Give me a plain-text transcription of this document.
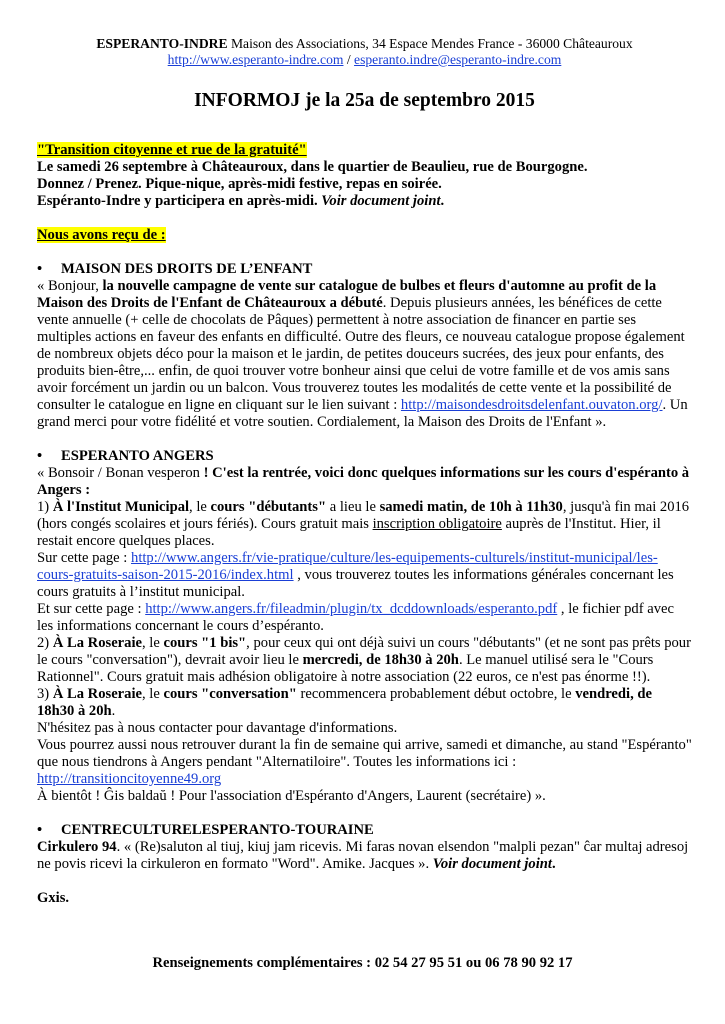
ESPERANTO-INDRE Maison des Associations, 34 Espace Mendes France - 36000 Châteauroux
http://www.esperanto-indre.com / esperanto.indre@esperanto-indre.com
INFORMOJ je la 25a de septembro 2015

"Transition citoyenne et rue de la gratuité"

Le samedi 26 septembre à Châteauroux, dans le quartier de Beaulieu, rue de Bourgogne.

Donnez / Prenez. Pique-nique, après-midi festive, repas en soirée.

Espéranto-Indre y participera en après-midi. Voir document joint.

Nous avons reçu de :

• MAISON DES DROITS DE L’ENFANT

« Bonjour, la nouvelle campagne de vente sur catalogue de bulbes et fleurs d'automne au profit de la Maison des Droits de l'Enfant de Châteauroux a débuté. Depuis plusieurs années, les bénéfices de cette vente annuelle (+ celle de chocolats de Pâques) permettent à notre association de financer en partie ses multiples actions en faveur des enfants en difficulté. Outre des fleurs, ce nouveau catalogue propose également de nombreux objets déco pour la maison et le jardin, de petites douceurs sucrées, des jeux pour enfants, des produits bien-être,... enfin, de quoi trouver votre bonheur ainsi que celui de votre famille et de vos amis sans avoir forcément un jardin ou un balcon. Vous trouverez toutes les modalités de cette vente et la possibilité de consulter le catalogue en ligne en cliquant sur le lien suivant : http://maisondesdroitsdelenfant.ouvaton.org/. Un grand merci pour votre fidélité et votre soutien. Cordialement, la Maison des Droits de l'Enfant ».

• ESPERANTO ANGERS

« Bonsoir / Bonan vesperon ! C'est la rentrée, voici donc quelques informations sur les cours d'espéranto à Angers :

1) À l'Institut Municipal, le cours "débutants" a lieu le samedi matin, de 10h à 11h30, jusqu'à fin mai 2016 (hors congés scolaires et jours fériés). Cours gratuit mais inscription obligatoire auprès de l'Institut. Hier, il restait encore quelques places.

Sur cette page : http://www.angers.fr/vie-pratique/culture/les-equipements-culturels/institut-municipal/les-cours-gratuits-saison-2015-2016/index.html , vous trouverez toutes les informations générales concernant les cours gratuits à l’institut municipal.

Et sur cette page : http://www.angers.fr/fileadmin/plugin/tx_dcddownloads/esperanto.pdf , le fichier pdf avec les informations concernant le cours d’espéranto.

2) À La Roseraie, le cours "1 bis", pour ceux qui ont déjà suivi un cours "débutants" (et ne sont pas prêts pour le cours "conversation"), devrait avoir lieu le mercredi, de 18h30 à 20h. Le manuel utilisé sera le "Cours Rationnel". Cours gratuit mais adhésion obligatoire à notre association (22 euros, ce n'est pas énorme !!).

3) À La Roseraie, le cours "conversation" recommencera probablement début octobre, le vendredi, de 18h30 à 20h.

N'hésitez pas à nous contacter pour davantage d'informations.

Vous pourrez aussi nous retrouver durant la fin de semaine qui arrive, samedi et dimanche, au stand "Espéranto" que nous tiendrons à Angers pendant "Alternatiloire". Toutes les informations ici : http://transitioncitoyenne49.org

À bientôt ! Ĝis baldaŭ ! Pour l'association d'Espéranto d'Angers, Laurent (secrétaire) ».

• CENTRECULTURELESPERANTO-TOURAINE

Cirkulero 94. « (Re)saluton al tiuj, kiuj jam ricevis. Mi faras novan elsendon "malpli pezan" ĉar multaj adresoj ne povis ricevi la cirkuleron en formato "Word". Amike. Jacques ». Voir document joint.

Gxis.

Renseignements complémentaires : 02 54 27 95 51 ou 06 78 90 92 17
